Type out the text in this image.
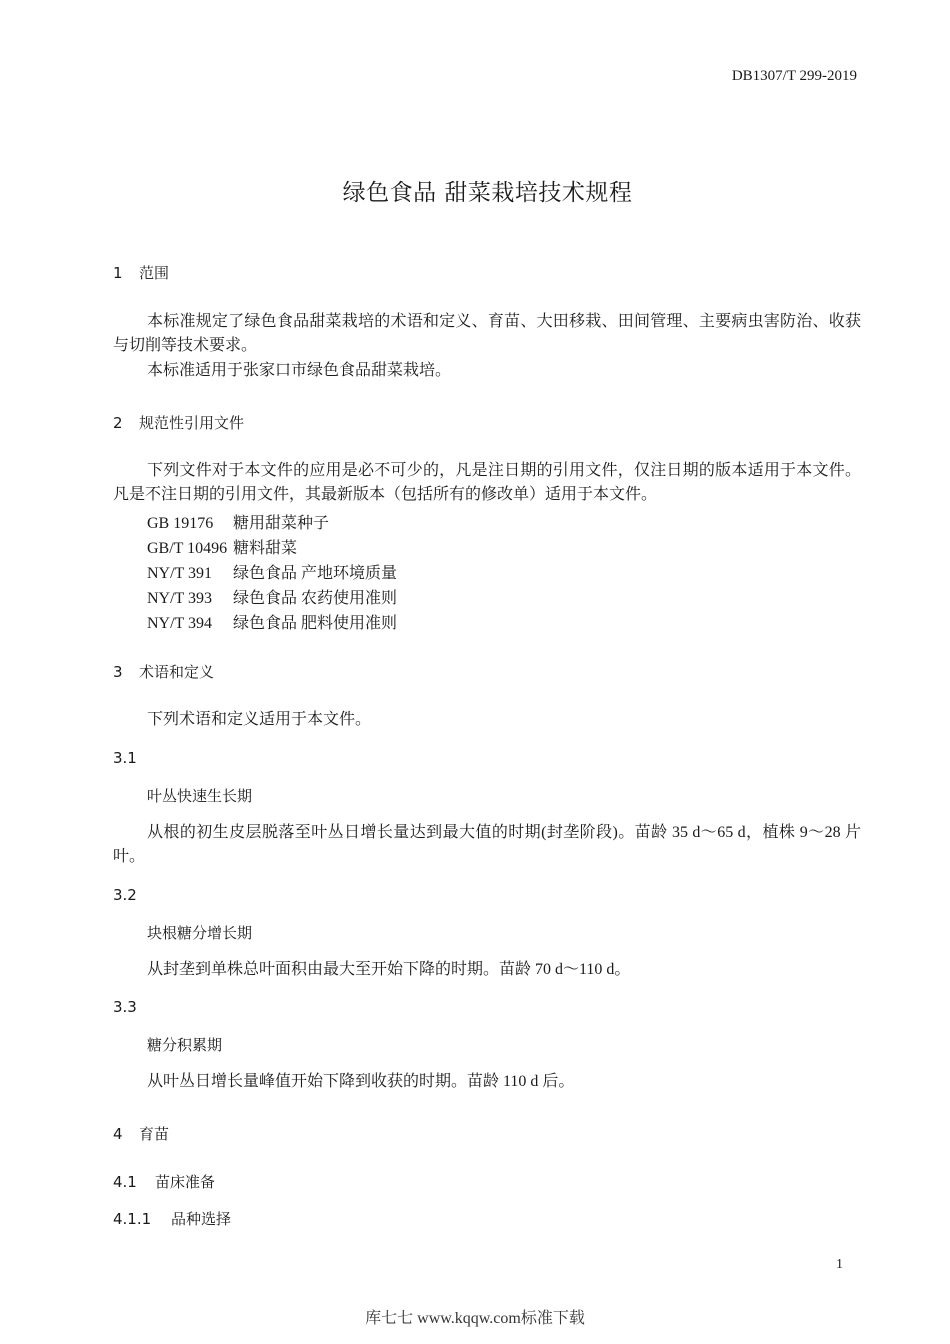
DB1307/T 299-2019
绿色食品 甜菜栽培技术规程
1 范围
本标准规定了绿色食品甜菜栽培的术语和定义、育苗、大田移栽、田间管理、主要病虫害防治、收获与切削等技术要求。
本标准适用于张家口市绿色食品甜菜栽培。
2 规范性引用文件
下列文件对于本文件的应用是必不可少的，凡是注日期的引用文件，仅注日期的版本适用于本文件。凡是不注日期的引用文件，其最新版本（包括所有的修改单）适用于本文件。
GB 19176 糖用甜菜种子
GB/T 10496 糖料甜菜
NY/T 391 绿色食品 产地环境质量
NY/T 393 绿色食品 农药使用准则
NY/T 394 绿色食品 肥料使用准则
3 术语和定义
下列术语和定义适用于本文件。
3.1
叶丛快速生长期
从根的初生皮层脱落至叶丛日增长量达到最大值的时期(封垄阶段)。苗龄 35 d～65 d，植株 9～28 片叶。
3.2
块根糖分增长期
从封垄到单株总叶面积由最大至开始下降的时期。苗龄 70 d～110 d。
3.3
糖分积累期
从叶丛日增长量峰值开始下降到收获的时期。苗龄 110 d 后。
4 育苗
4.1 苗床准备
4.1.1 品种选择
1
库七七 www.kqqw.com标准下载
